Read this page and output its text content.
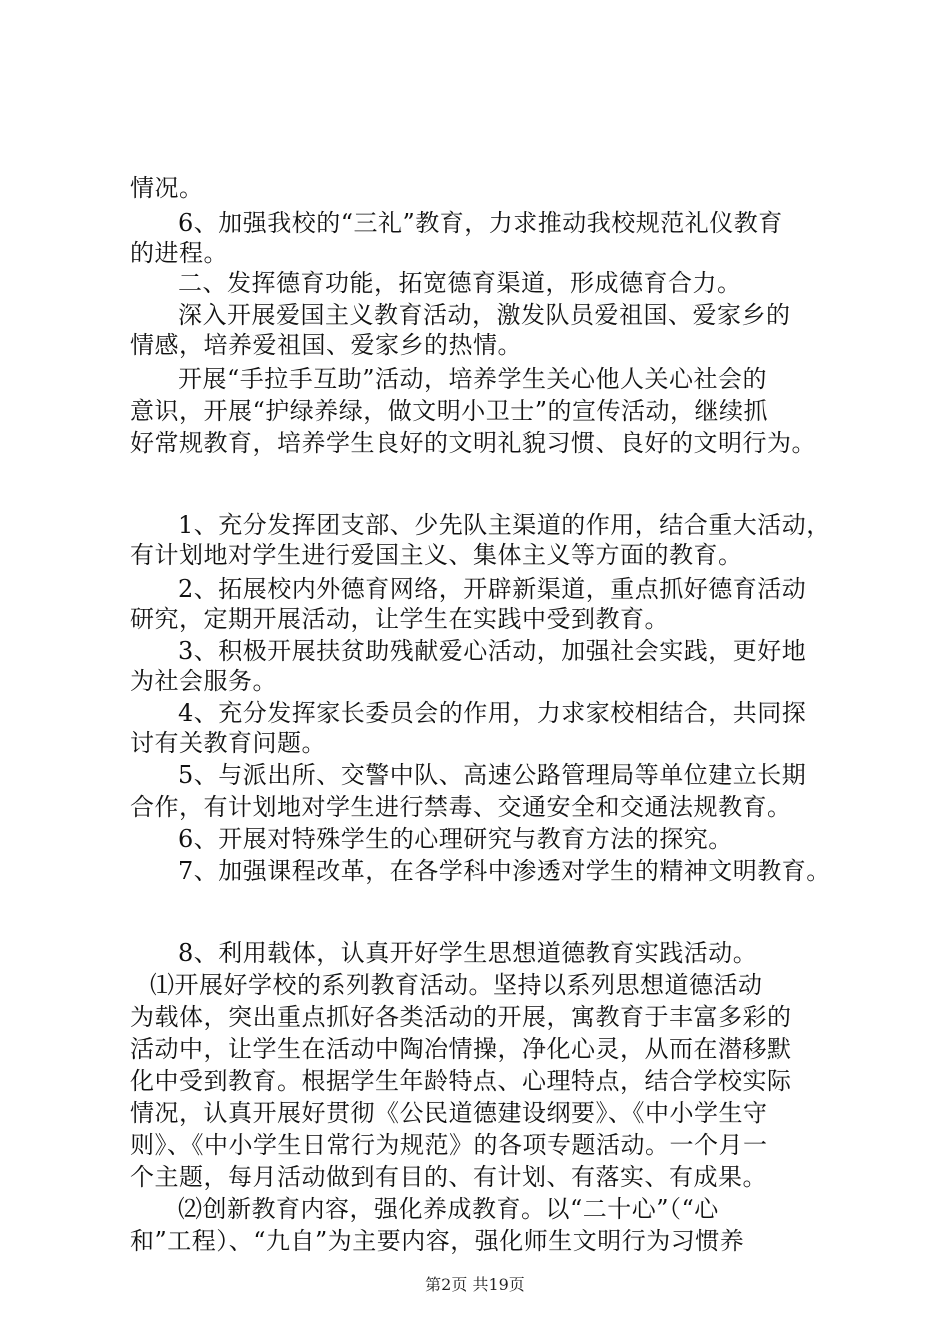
情况。
6、加强我校的“三礼”教育，力求推动我校规范礼仪教育
的进程。
二、发挥德育功能，拓宽德育渠道，形成德育合力。
深入开展爱国主义教育活动，激发队员爱祖国、爱家乡的
情感，培养爱祖国、爱家乡的热情。
开展“手拉手互助”活动，培养学生关心他人关心社会的
意识，开展“护绿养绿，做文明小卫士”的宣传活动，继续抓
好常规教育，培养学生良好的文明礼貌习惯、良好的文明行为。
1、充分发挥团支部、少先队主渠道的作用，结合重大活动，
有计划地对学生进行爱国主义、集体主义等方面的教育。
2、拓展校内外德育网络，开辟新渠道，重点抓好德育活动
研究，定期开展活动，让学生在实践中受到教育。
3、积极开展扶贫助残献爱心活动，加强社会实践，更好地
为社会服务。
4、充分发挥家长委员会的作用，力求家校相结合，共同探
讨有关教育问题。
5、与派出所、交警中队、高速公路管理局等单位建立长期
合作，有计划地对学生进行禁毒、交通安全和交通法规教育。
6、开展对特殊学生的心理研究与教育方法的探究。
7、加强课程改革，在各学科中渗透对学生的精神文明教育。
8、利用载体，认真开好学生思想道德教育实践活动。
⑴开展好学校的系列教育活动。坚持以系列思想道德活动
为载体，突出重点抓好各类活动的开展，寓教育于丰富多彩的
活动中，让学生在活动中陶冶情操，净化心灵，从而在潜移默
化中受到教育。根据学生年龄特点、心理特点，结合学校实际
情况，认真开展好贯彻《公民道德建设纲要》、《中小学生守
则》、《中小学生日常行为规范》的各项专题活动。一个月一
个主题，每月活动做到有目的、有计划、有落实、有成果。
⑵创新教育内容，强化养成教育。以“二十心”（“心
和”工程）、“九自”为主要内容，强化师生文明行为习惯养
第2页 共19页
